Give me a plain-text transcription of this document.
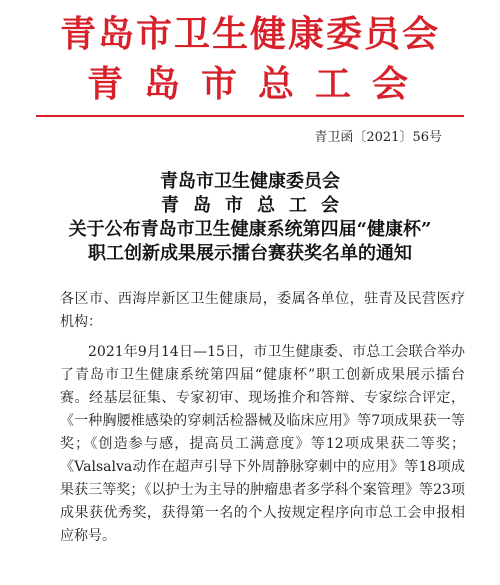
青岛市卫生健康委员会
青岛市总工会
青卫函〔2021〕56号
青岛市卫生健康委员会
青岛市总工会
关于公布青岛市卫生健康系统第四届“健康杯”
职工创新成果展示擂台赛获奖名单的通知

各区市、西海岸新区卫生健康局，委属各单位，驻青及民营医疗机构：

2021年9月14日—15日，市卫生健康委、市总工会联合举办了青岛市卫生健康系统第四届“健康杯”职工创新成果展示擂台赛。经基层征集、专家初审、现场推介和答辩、专家综合评定，《一种胸腰椎感染的穿刺活检器械及临床应用》等7项成果获一等奖；《创造参与感，提高员工满意度》等12项成果获二等奖；《Valsalva动作在超声引导下外周静脉穿刺中的应用》等18项成果获三等奖；《以护士为主导的肿瘤患者多学科个案管理》等23项成果获优秀奖，获得第一名的个人按规定程序向市总工会申报相应称号。
